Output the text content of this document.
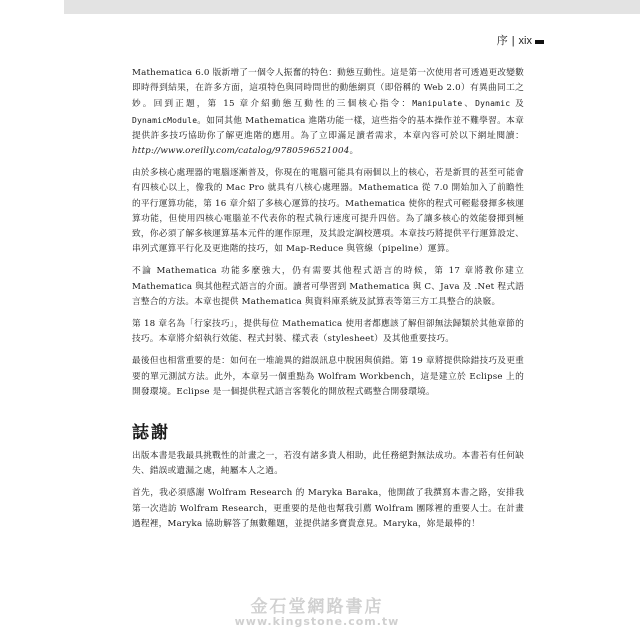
序 | xix

Mathematica 6.0 版新增了一個令人振奮的特色：動態互動性。這是第一次使用者可透過更改變數即時得到結果，在許多方面，這項特色與同時問世的動態網頁（即俗稱的 Web 2.0）有異曲同工之妙。回到正題，第 15 章介紹動態互動性的三個核心指令：Manipulate、Dynamic 及 DynamicModule。如同其他 Mathematica 進階功能一樣，這些指令的基本操作並不難學習。本章提供許多技巧協助你了解更進階的應用。為了立即滿足讀者需求，本章內容可於以下網址閱讀：http://www.oreilly.com/catalog/9780596521004。

由於多核心處理器的電腦逐漸普及，你現在的電腦可能具有兩個以上的核心，若是新買的甚至可能會有四核心以上，像我的 Mac Pro 就具有八核心處理器。Mathematica 從 7.0 開始加入了前瞻性的平行運算功能，第 16 章介紹了多核心運算的技巧。Mathematica 使你的程式可輕鬆發揮多核運算功能，但使用四核心電腦並不代表你的程式執行速度可提升四倍。為了讓多核心的效能發揮到極致，你必須了解多核運算基本元件的運作原理，及其設定調校選項。本章技巧將提供平行運算設定、串列式運算平行化及更進階的技巧，如 Map-Reduce 與管線（pipeline）運算。

不論 Mathematica 功能多麼強大，仍有需要其他程式語言的時候，第 17 章將教你建立 Mathematica 與其他程式語言的介面。讀者可學習到 Mathematica 與 C、Java 及 .Net 程式語言整合的方法。本章也提供 Mathematica 與資料庫系統及試算表等第三方工具整合的訣竅。

第 18 章名為「行家技巧」，提供每位 Mathematica 使用者都應該了解但卻無法歸類於其他章節的技巧。本章將介紹執行效能、程式封裝、樣式表（stylesheet）及其他重要技巧。

最後但也相當重要的是：如何在一堆詭異的錯誤訊息中脫困與偵錯。第 19 章將提供除錯技巧及更重要的單元測試方法。此外，本章另一個重點為 Wolfram Workbench，這是建立於 Eclipse 上的開發環境。Eclipse 是一個提供程式語言客製化的開放程式碼整合開發環境。

誌謝

出版本書是我最具挑戰性的計畫之一，若沒有諸多貴人相助，此任務絕對無法成功。本書若有任何缺失、錯誤或遺漏之處，純屬本人之過。

首先，我必須感謝 Wolfram Research 的 Maryka Baraka，他開啟了我撰寫本書之路，安排我第一次造訪 Wolfram Research，更重要的是他也幫我引薦 Wolfram 團隊裡的重要人士。在計畫過程裡，Maryka 協助解答了無數難題，並提供諸多寶貴意見。Maryka，妳是最棒的！

金石堂網路書店
www.kingstone.com.tw
